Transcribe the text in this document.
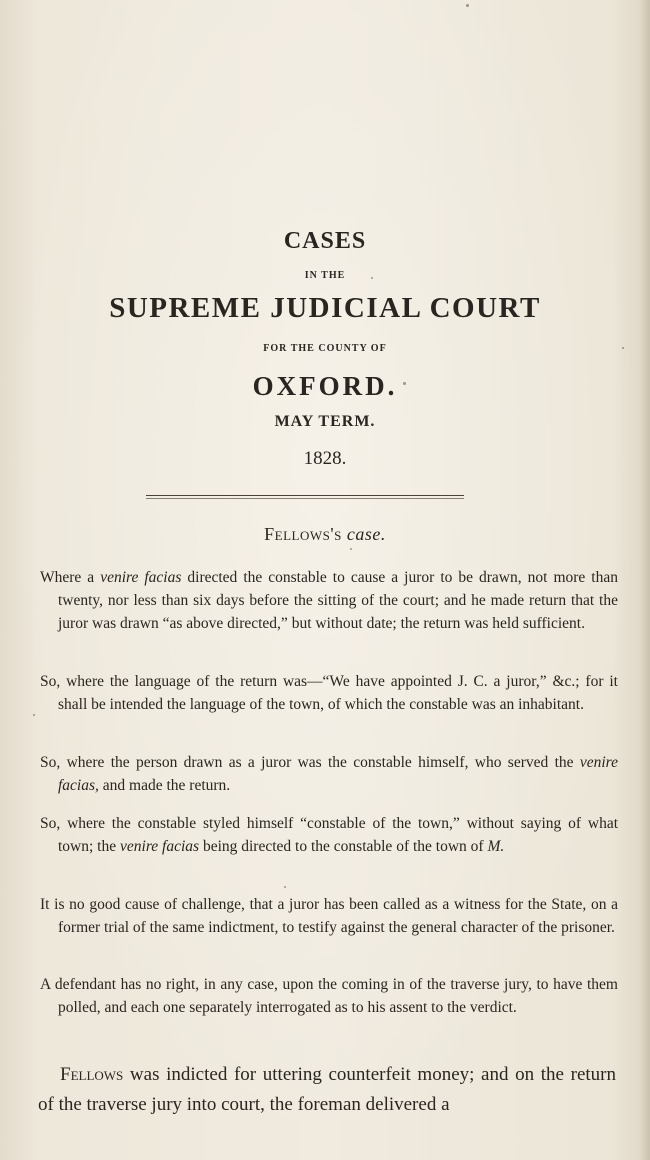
CASES
IN THE
SUPREME JUDICIAL COURT
FOR THE COUNTY OF
OXFORD.
MAY TERM.
1828.
Fellows's case.
Where a venire facias directed the constable to cause a juror to be drawn, not more than twenty, nor less than six days before the sitting of the court; and he made return that the juror was drawn “as above directed,” but without date; the return was held sufficient.
So, where the language of the return was—“We have appointed J. C. a juror,” &c.; for it shall be intended the language of the town, of which the constable was an inhabitant.
So, where the person drawn as a juror was the constable himself, who served the venire facias, and made the return.
So, where the constable styled himself “constable of the town,” without saying of what town; the venire facias being directed to the constable of the town of M.
It is no good cause of challenge, that a juror has been called as a witness for the State, on a former trial of the same indictment, to testify against the general character of the prisoner.
A defendant has no right, in any case, upon the coming in of the traverse jury, to have them polled, and each one separately interrogated as to his assent to the verdict.
Fellows was indicted for uttering counterfeit money; and on the return of the traverse jury into court, the foreman delivered a
